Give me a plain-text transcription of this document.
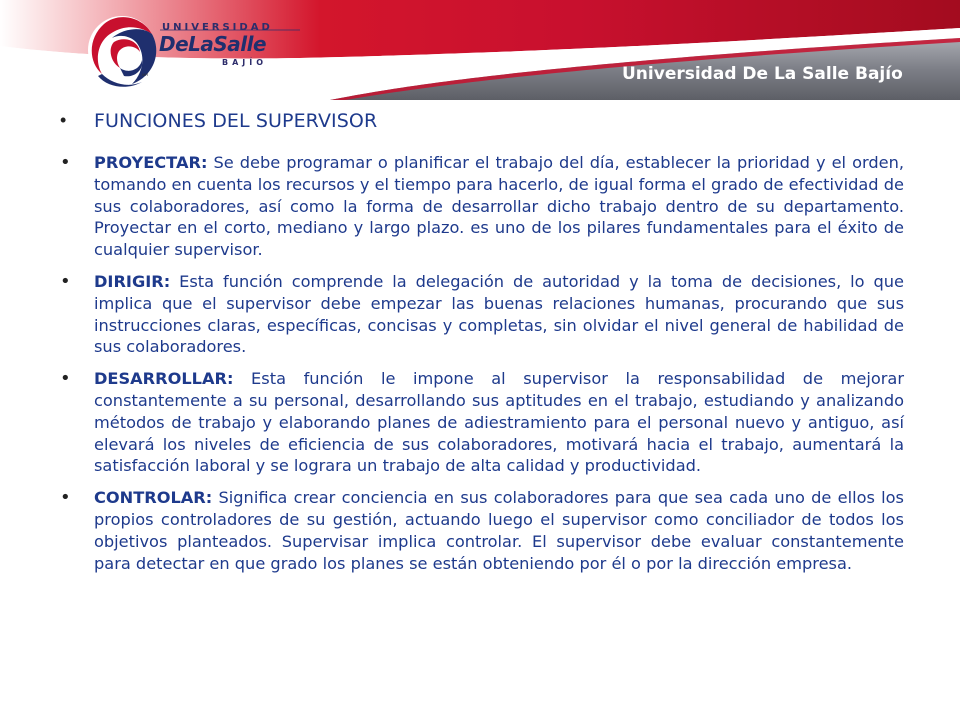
UNIVERSIDAD
DeLaSalle
BAJÍO
MR	Universidad De La Salle Bajío
• FUNCIONES DEL SUPERVISOR
• PROYECTAR: Se debe programar o planificar el trabajo del día, establecer la prioridad y el orden, tomando en cuenta los recursos y el tiempo para hacerlo, de igual forma el grado de efectividad de sus colaboradores, así como la forma de desarrollar dicho trabajo dentro de su departamento. Proyectar en el corto, mediano y largo plazo. es uno de los pilares fundamentales para el éxito de cualquier supervisor.
• DIRIGIR: Esta función comprende la delegación de autoridad y la toma de decisiones, lo que implica que el supervisor debe empezar las buenas relaciones humanas, procurando que sus instrucciones claras, específicas, concisas y completas, sin olvidar el nivel general de habilidad de sus colaboradores.
• DESARROLLAR: Esta función le impone al supervisor la responsabilidad de mejorar constantemente a su personal, desarrollando sus aptitudes en el trabajo, estudiando y analizando métodos de trabajo y elaborando planes de adiestramiento para el personal nuevo y antiguo, así elevará los niveles de eficiencia de sus colaboradores, motivará hacia el trabajo, aumentará la satisfacción laboral y se lograra un trabajo de alta calidad y productividad.
• CONTROLAR: Significa crear conciencia en sus colaboradores para que sea cada uno de ellos los propios controladores de su gestión, actuando luego el supervisor como conciliador de todos los objetivos planteados. Supervisar implica controlar. El supervisor debe evaluar constantemente para detectar en que grado los planes se están obteniendo por él o por la dirección empresa.
